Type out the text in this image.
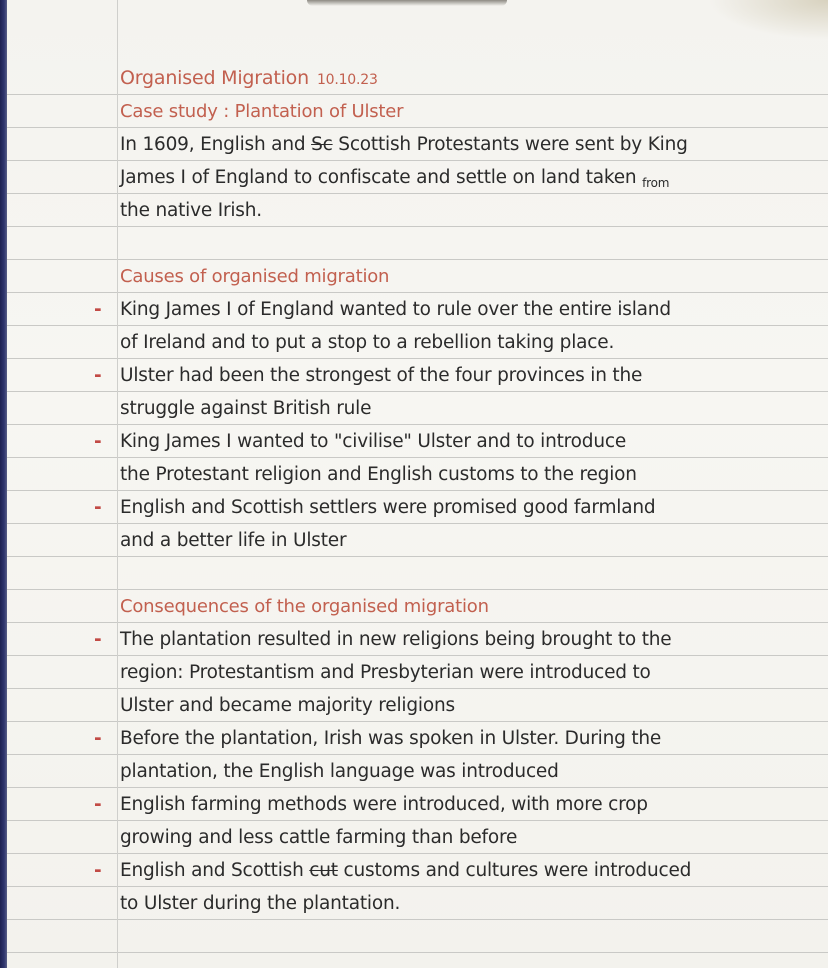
Organised Migration 10.10.23
Case study : Plantation of Ulster
In 1609, English and Sc Scottish Protestants were sent by King
James I of England to confiscate and settle on land taken $_{from}$
the native Irish.
Causes of organised migration
- King James I of England wanted to rule over the entire island
of Ireland and to put a stop to a rebellion taking place.
- Ulster had been the strongest of the four provinces in the
struggle against British rule
- King James I wanted to "civilise" Ulster and to introduce
the Protestant religion and English customs to the region
- English and Scottish settlers were promised good farmland
and a better life in Ulster
Consequences of the organised migration
- The plantation resulted in new religions being brought to the
region: Protestantism and Presbyterian were introduced to
Ulster and became majority religions
- Before the plantation, Irish was spoken in Ulster. During the
plantation, the English language was introduced
- English farming methods were introduced, with more crop
growing and less cattle farming than before
- English and Scottish cut customs and cultures were introduced
to Ulster during the plantation.
